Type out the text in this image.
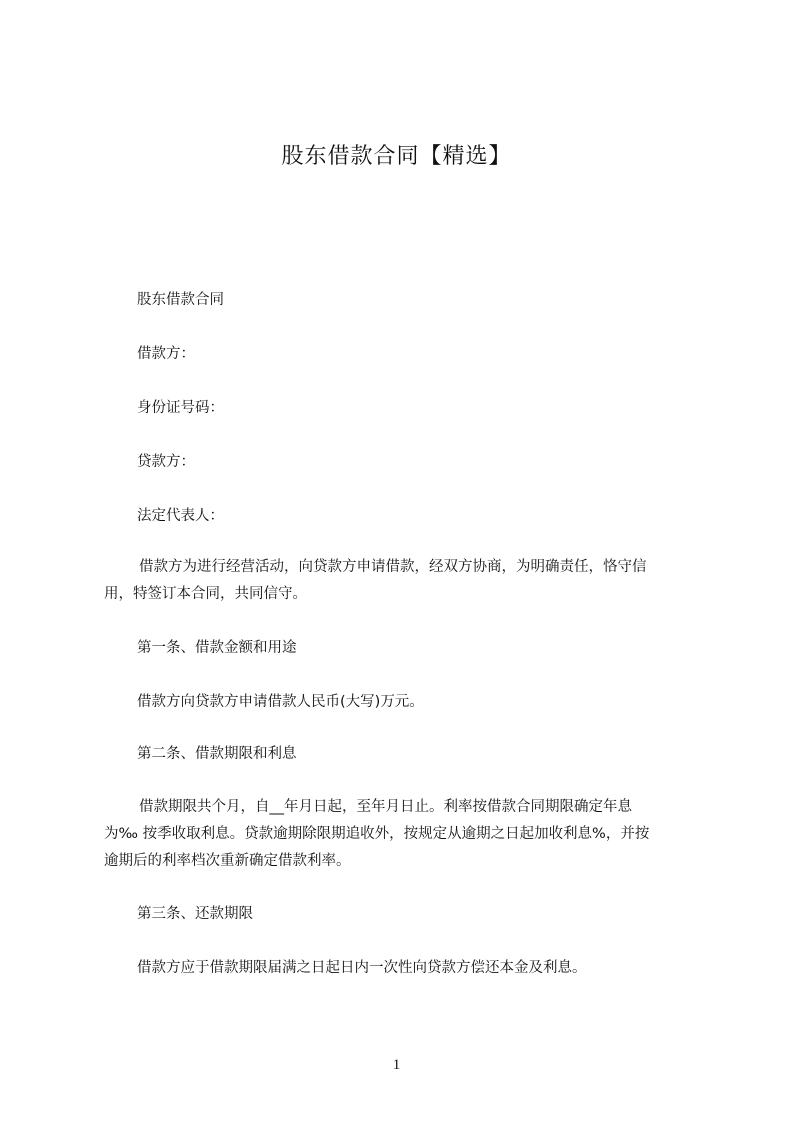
股东借款合同【精选】
股东借款合同
借款方：
身份证号码：
贷款方：
法定代表人：
借款方为进行经营活动，向贷款方申请借款，经双方协商，为明确责任，恪守信
用，特签订本合同，共同信守。
第一条、借款金额和用途
借款方向贷款方申请借款人民币(大写)万元。
第二条、借款期限和利息
借款期限共个月，自__年月日起，至年月日止。利率按借款合同期限确定年息
为‰ 按季收取利息。贷款逾期除限期追收外，按规定从逾期之日起加收利息%，并按
逾期后的利率档次重新确定借款利率。
第三条、还款期限
借款方应于借款期限届满之日起日内一次性向贷款方偿还本金及利息。
1
